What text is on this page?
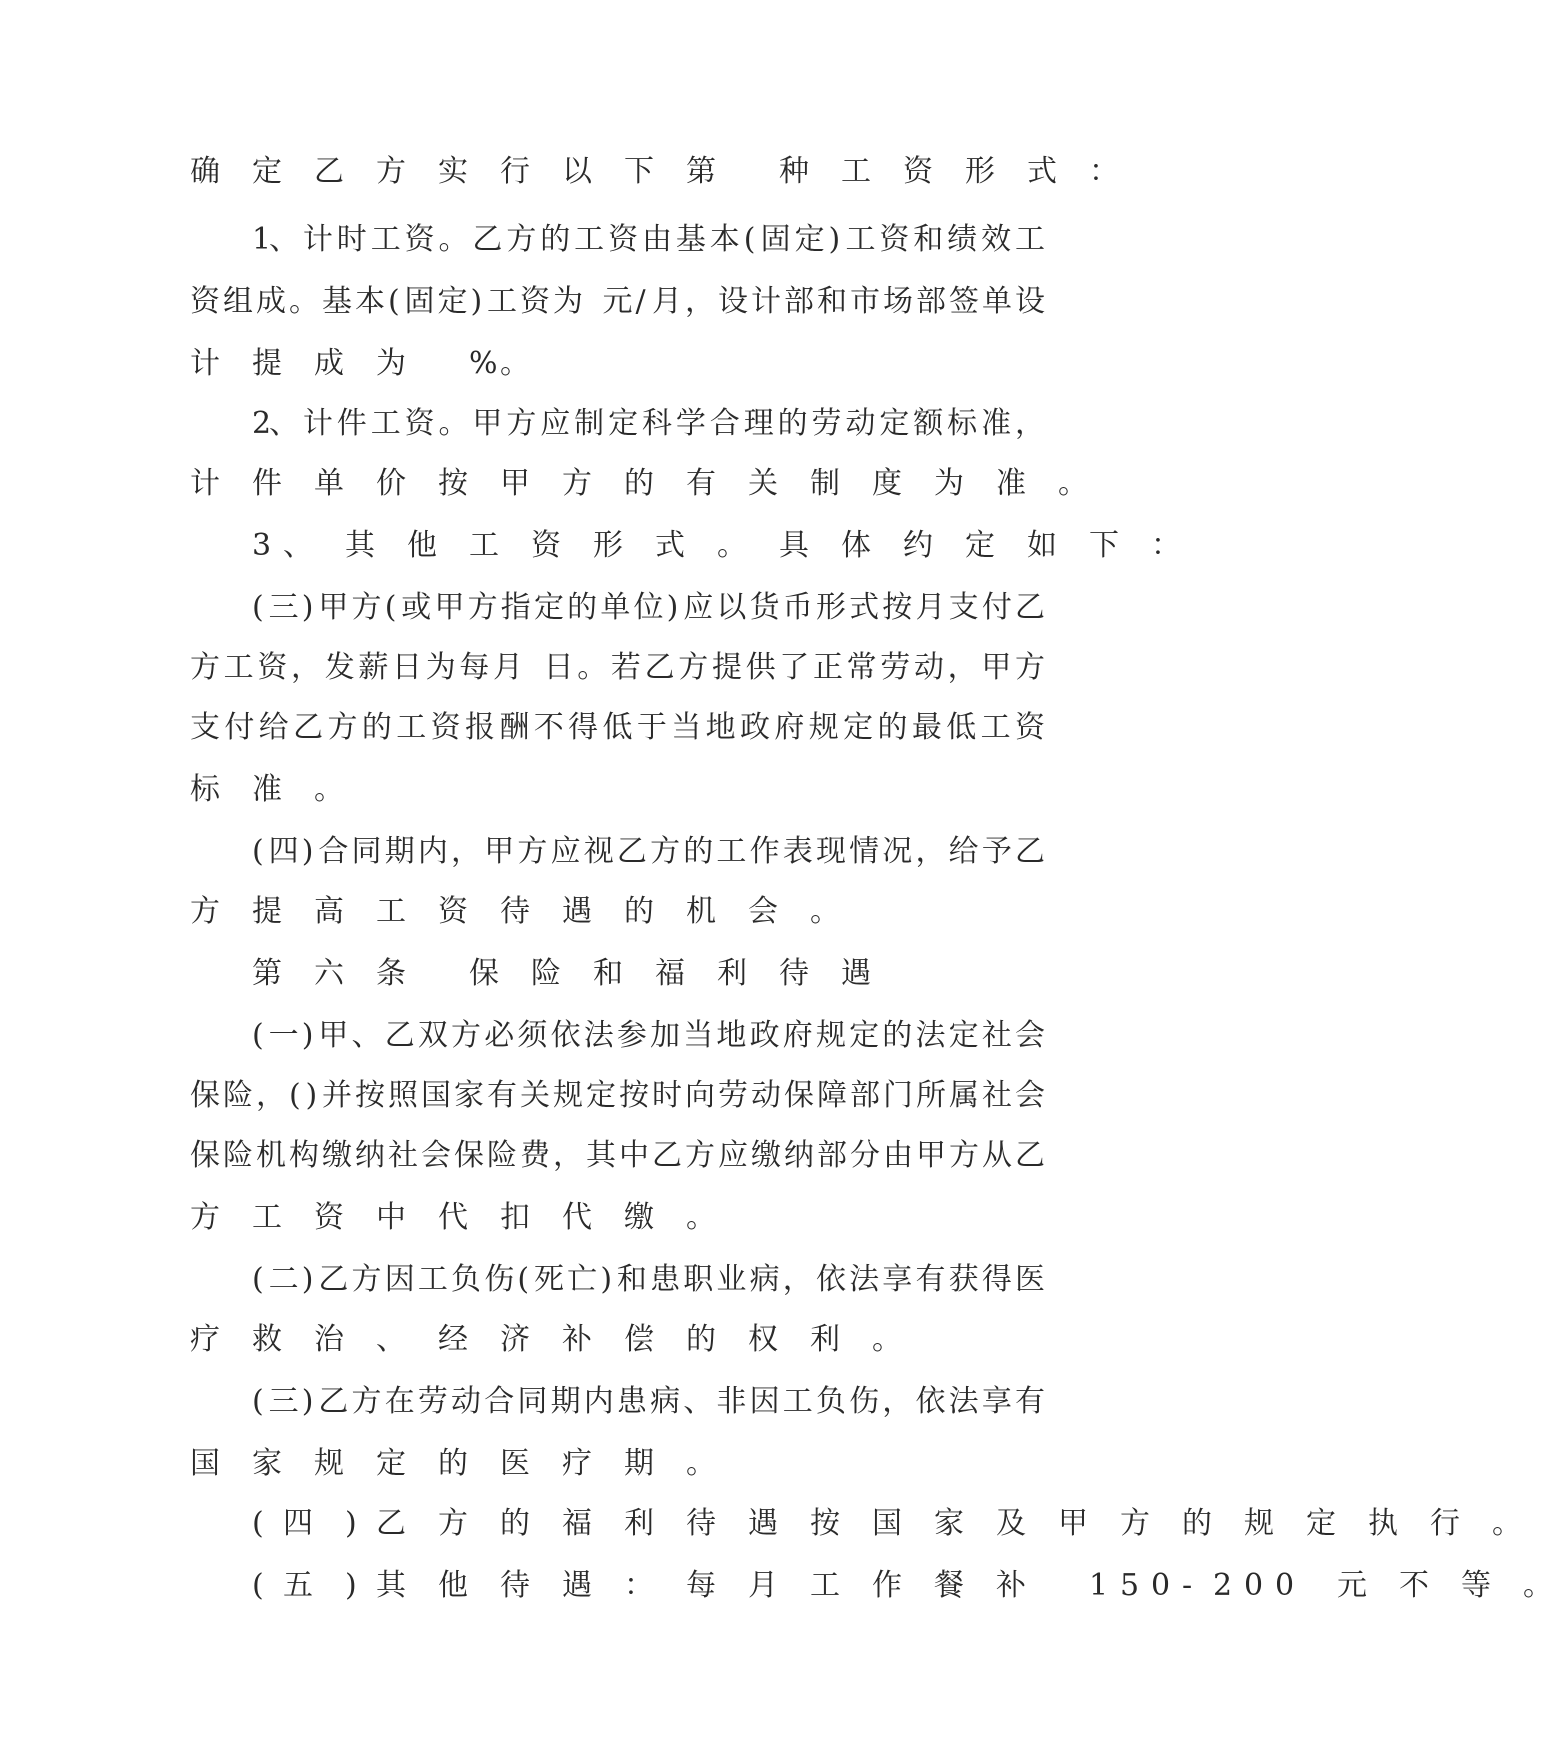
确 定 乙 方 实 行 以 下 第
种 工 资 形 式 ：
1
、 计 时 工 资 。 乙 方 的 工 资 由 基 本 ( 固 定 ) 工 资 和 绩 效 工
资 组 成 。 基 本 ( 固 定 ) 工 资 为
元 / 月 ， 设 计 部 和 市 场 部 签 单 设
计 提 成 为
% 。
2
、 计 件 工 资 。 甲 方 应 制 定 科 学 合 理 的 劳 动 定 额 标 准 ，
计 件 单 价 按 甲 方 的 有 关 制 度 为 准 。
3 、 其 他 工 资 形 式 。 具 体 约 定 如 下 ：
( 三 ) 甲 方 ( 或 甲 方 指 定 的 单 位 ) 应 以 货 币 形 式 按 月 支 付 乙
方 工 资 ， 发 薪 日 为 每 月
日 。 若 乙 方 提 供 了 正 常 劳 动 ， 甲 方
支 付 给 乙 方 的 工 资 报 酬 不 得 低 于 当 地 政 府 规 定 的 最 低 工 资
标 准 。
( 四 ) 合 同 期 内 ， 甲 方 应 视 乙 方 的 工 作 表 现 情 况 ， 给 予 乙
方 提 高 工 资 待 遇 的 机 会 。
第 六 条
保 险 和 福 利 待 遇
( 一 ) 甲 、 乙 双 方 必 须 依 法 参 加 当 地 政 府 规 定 的 法 定 社 会
保 险 ， ( ) 并 按 照 国 家 有 关 规 定 按 时 向 劳 动 保 障 部 门 所 属 社 会
保 险 机 构 缴 纳 社 会 保 险 费 ， 其 中 乙 方 应 缴 纳 部 分 由 甲 方 从 乙
方 工 资 中 代 扣 代 缴 。
( 二 ) 乙 方 因 工 负 伤 ( 死 亡 ) 和 患 职 业 病 ， 依 法 享 有 获 得 医
疗 救 治 、 经 济 补 偿 的 权 利 。
( 三 ) 乙 方 在 劳 动 合 同 期 内 患 病 、 非 因 工 负 伤 ， 依 法 享 有
国 家 规 定 的 医 疗 期 。
( 四 ) 乙 方 的 福 利 待 遇 按 国 家 及 甲 方 的 规 定 执 行 。
( 五 ) 其 他 待 遇 ： 每 月 工 作 餐 补
1 5 0 - 2 0 0
元 不 等 。
